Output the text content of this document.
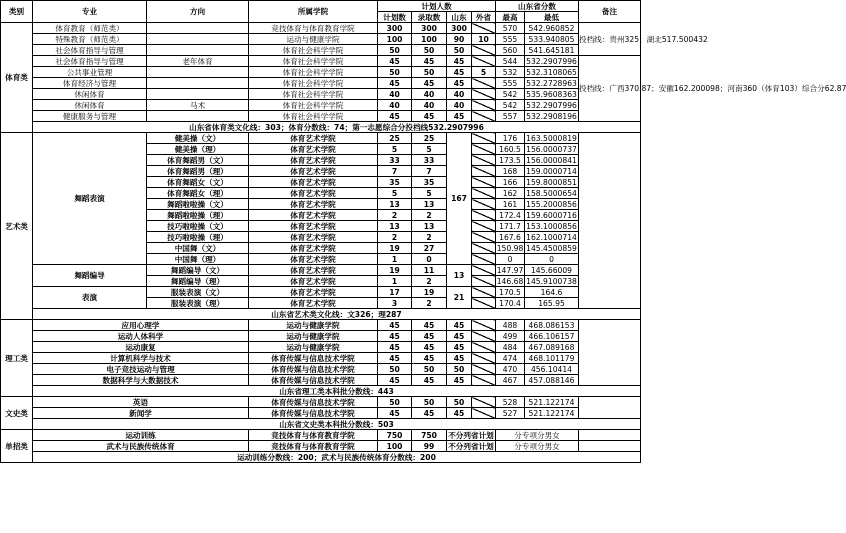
类别	专业	方向	所属学院	计划人数				山东省分数		备注
				计划数	录取数	山东	外省	最高	最低	
体育类	体育教育（师范类）		竞技体育与体育教育学院	300	300	300		570	542.960852	投档线：贵州325；湖北517.500432
	特殊教育（师范类）		运动与健康学院	100	100	90	10	555	533.940805	
	社会体育指导与管理		体育社会科学学院	50	50	50		560	541.645181	
	社会体育指导与管理	老年体育	体育社会科学学院	45	45	45		544	532.2907996	投档线：广西370.87；安徽162.200098；河南360（体育103）综合分62.87
	公共事业管理		体育社会科学学院	50	50	45	5	532	532.3108065	
	体育经济与管理		体育社会科学学院	45	45	45		555	532.2728963	
	休闲体育		体育社会科学学院	40	40	40		542	535.9608363	
	休闲体育	马术	体育社会科学学院	40	40	40		542	532.2907996	
	健康服务与管理		体育社会科学学院	45	45	45		557	532.2908196	
	山东省体育类文化线：303；体育分数线：74；第一志愿综合分投档线532.2907996									
艺术类	舞蹈表演	健美操（文）	体育艺术学院	25	25	167		176	163.5000819	
		健美操（理）	体育艺术学院	5	5			160.5	156.0000737	
		体育舞蹈男（文）	体育艺术学院	33	33			173.5	156.0000841	
		体育舞蹈男（理）	体育艺术学院	7	7			168	159.0000714	
		体育舞蹈女（文）	体育艺术学院	35	35			166	159.8000851	
		体育舞蹈女（理）	体育艺术学院	5	5			162	158.5000654	
		舞蹈啦啦操（文）	体育艺术学院	13	13			161	155.2000856	
		舞蹈啦啦操（理）	体育艺术学院	2	2			172.4	159.6000716	
		技巧啦啦操（文）	体育艺术学院	13	13			171.7	153.1000856	
		技巧啦啦操（理）	体育艺术学院	2	2			167.6	162.1000714	
		中国舞（文）	体育艺术学院	19	27			150.98	145.4500859	
		中国舞（理）	体育艺术学院	1	0			0	0	
	舞蹈编导	舞蹈编导（文）	体育艺术学院	19	11	13		147.97	145.66009	
		舞蹈编导（理）	体育艺术学院	1	2			146.68	145.9100738	
	表演	服装表演（文）	体育艺术学院	17	19	21		170.5	164.6	
		服装表演（理）	体育艺术学院	3	2			170.4	165.95	
	山东省艺术类文化线：文326；理287									
理工类	应用心理学		运动与健康学院	45	45	45		488	468.086153	
	运动人体科学		运动与健康学院	45	45	45		499	466.106157	
	运动康复		运动与健康学院	45	45	45		484	467.089168	
	计算机科学与技术		体育传媒与信息技术学院	45	45	45		474	468.101179	
	电子竞技运动与管理		体育传媒与信息技术学院	50	50	50		470	456.10414	
	数据科学与大数据技术		体育传媒与信息技术学院	45	45	45		467	457.088146	
	山东省理工类本科批分数线：443									
文史类	英语		体育传媒与信息技术学院	50	50	50		528	521.122174	
	新闻学		体育传媒与信息技术学院	45	45	45		527	521.122174	
	山东省文史类本科批分数线：503									
单招类	运动训练		竞技体育与体育教育学院	750	750	不分列省计划		分专项分男女		
	武术与民族传统体育		竞技体育与体育教育学院	100	99	不分列省计划		分专项分男女		
	运动训练分数线：200；武术与民族传统体育分数线：200									
